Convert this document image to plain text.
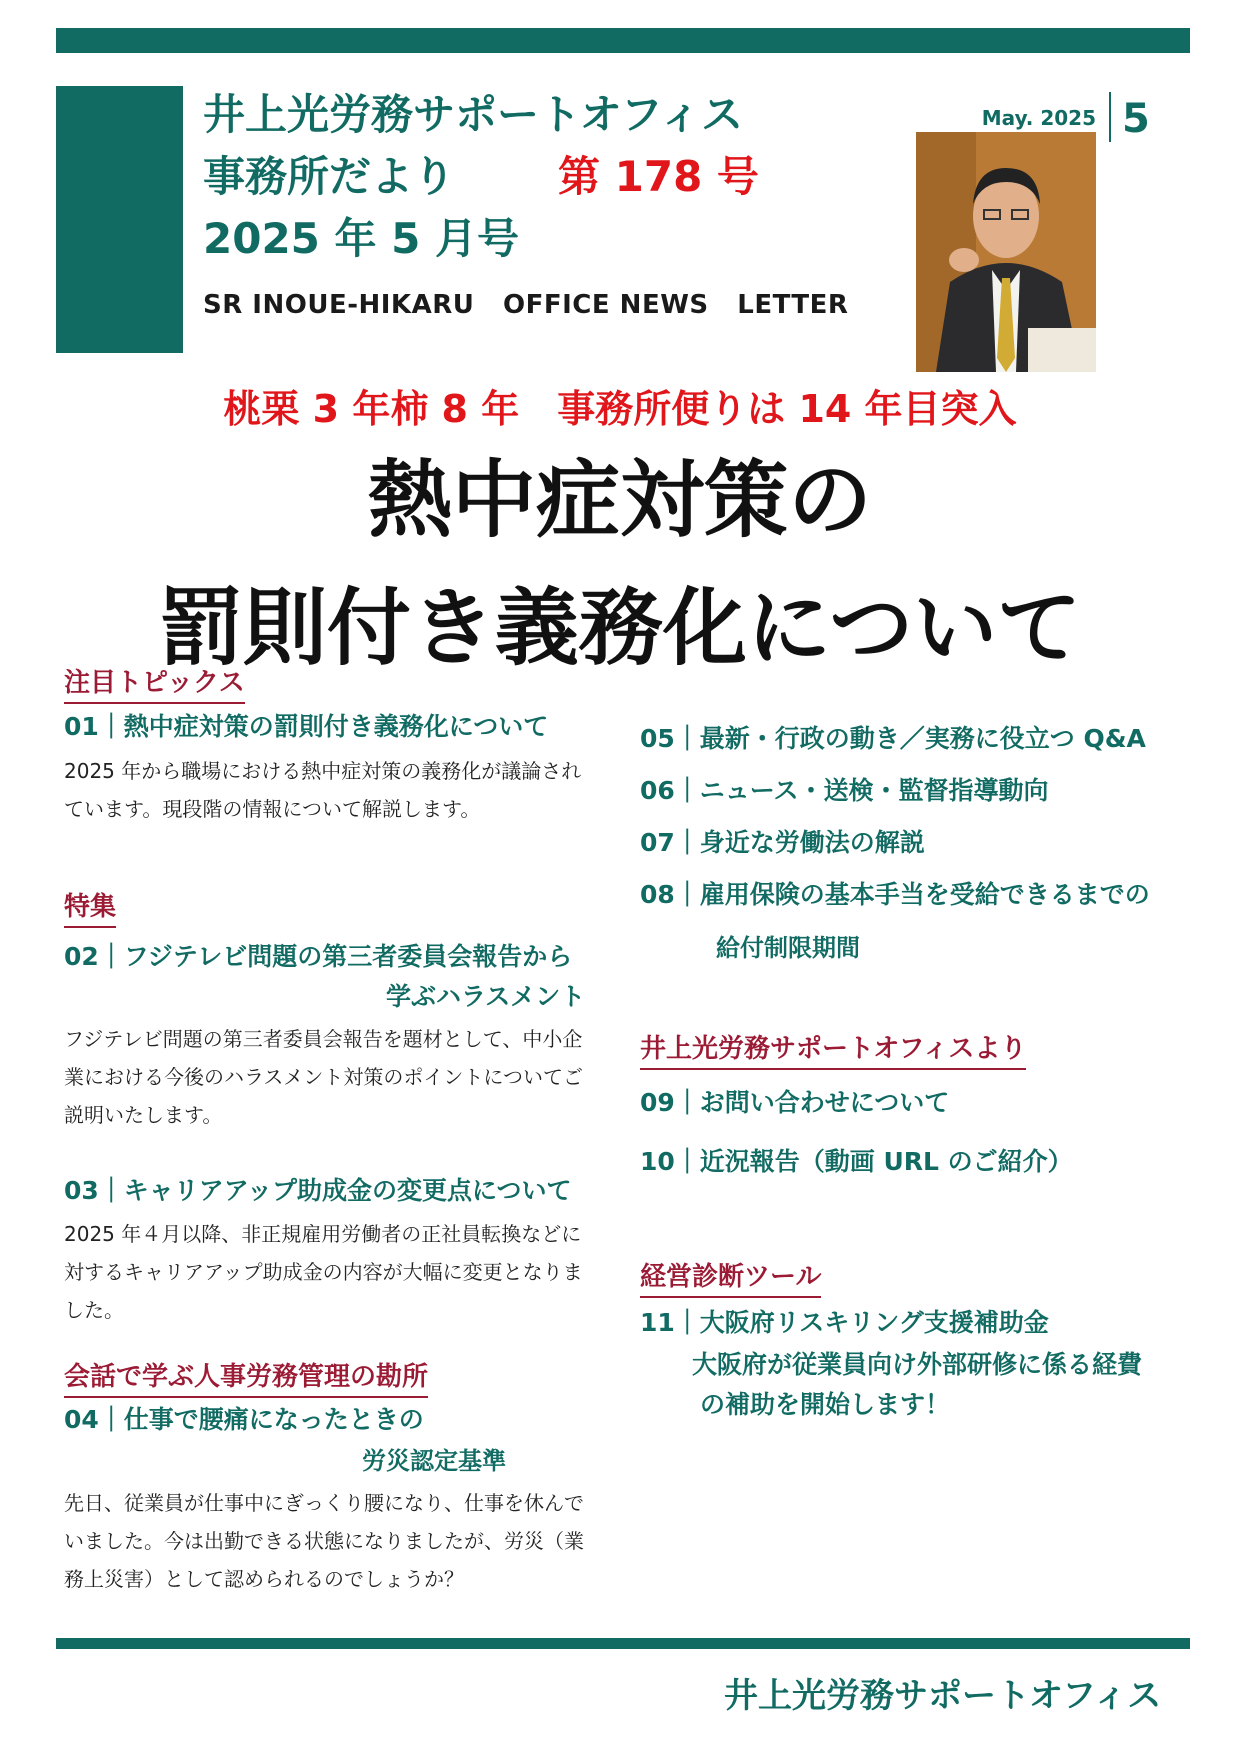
井上光労務サポートオフィス
事務所だより 第 178 号
2025 年 5 月号
SR INOUE-HIKARU   OFFICE NEWS   LETTER
May. 2025 5
桃栗 3 年柿 8 年　事務所便りは 14 年目突入
熱中症対策の
罰則付き義務化について
注目トピックス
01｜熱中症対策の罰則付き義務化について
2025 年から職場における熱中症対策の義務化が議論されています。現段階の情報について解説します。
特集
02｜フジテレビ問題の第三者委員会報告から
学ぶハラスメント
フジテレビ問題の第三者委員会報告を題材として、中小企業における今後のハラスメント対策のポイントについてご説明いたします。
03｜キャリアアップ助成金の変更点について
2025 年４月以降、非正規雇用労働者の正社員転換などに対するキャリアアップ助成金の内容が大幅に変更となりました。
会話で学ぶ人事労務管理の勘所
04｜仕事で腰痛になったときの
労災認定基準
先日、従業員が仕事中にぎっくり腰になり、仕事を休んでいました。今は出勤できる状態になりましたが、労災（業務上災害）として認められるのでしょうか？
05｜最新・行政の動き／実務に役立つ Q&A
06｜ニュース・送検・監督指導動向
07｜身近な労働法の解説
08｜雇用保険の基本手当を受給できるまでの
給付制限期間
井上光労務サポートオフィスより
09｜お問い合わせについて
10｜近況報告（動画 URL のご紹介）
経営診断ツール
11｜大阪府リスキリング支援補助金
大阪府が従業員向け外部研修に係る経費
の補助を開始します！
井上光労務サポートオフィス
